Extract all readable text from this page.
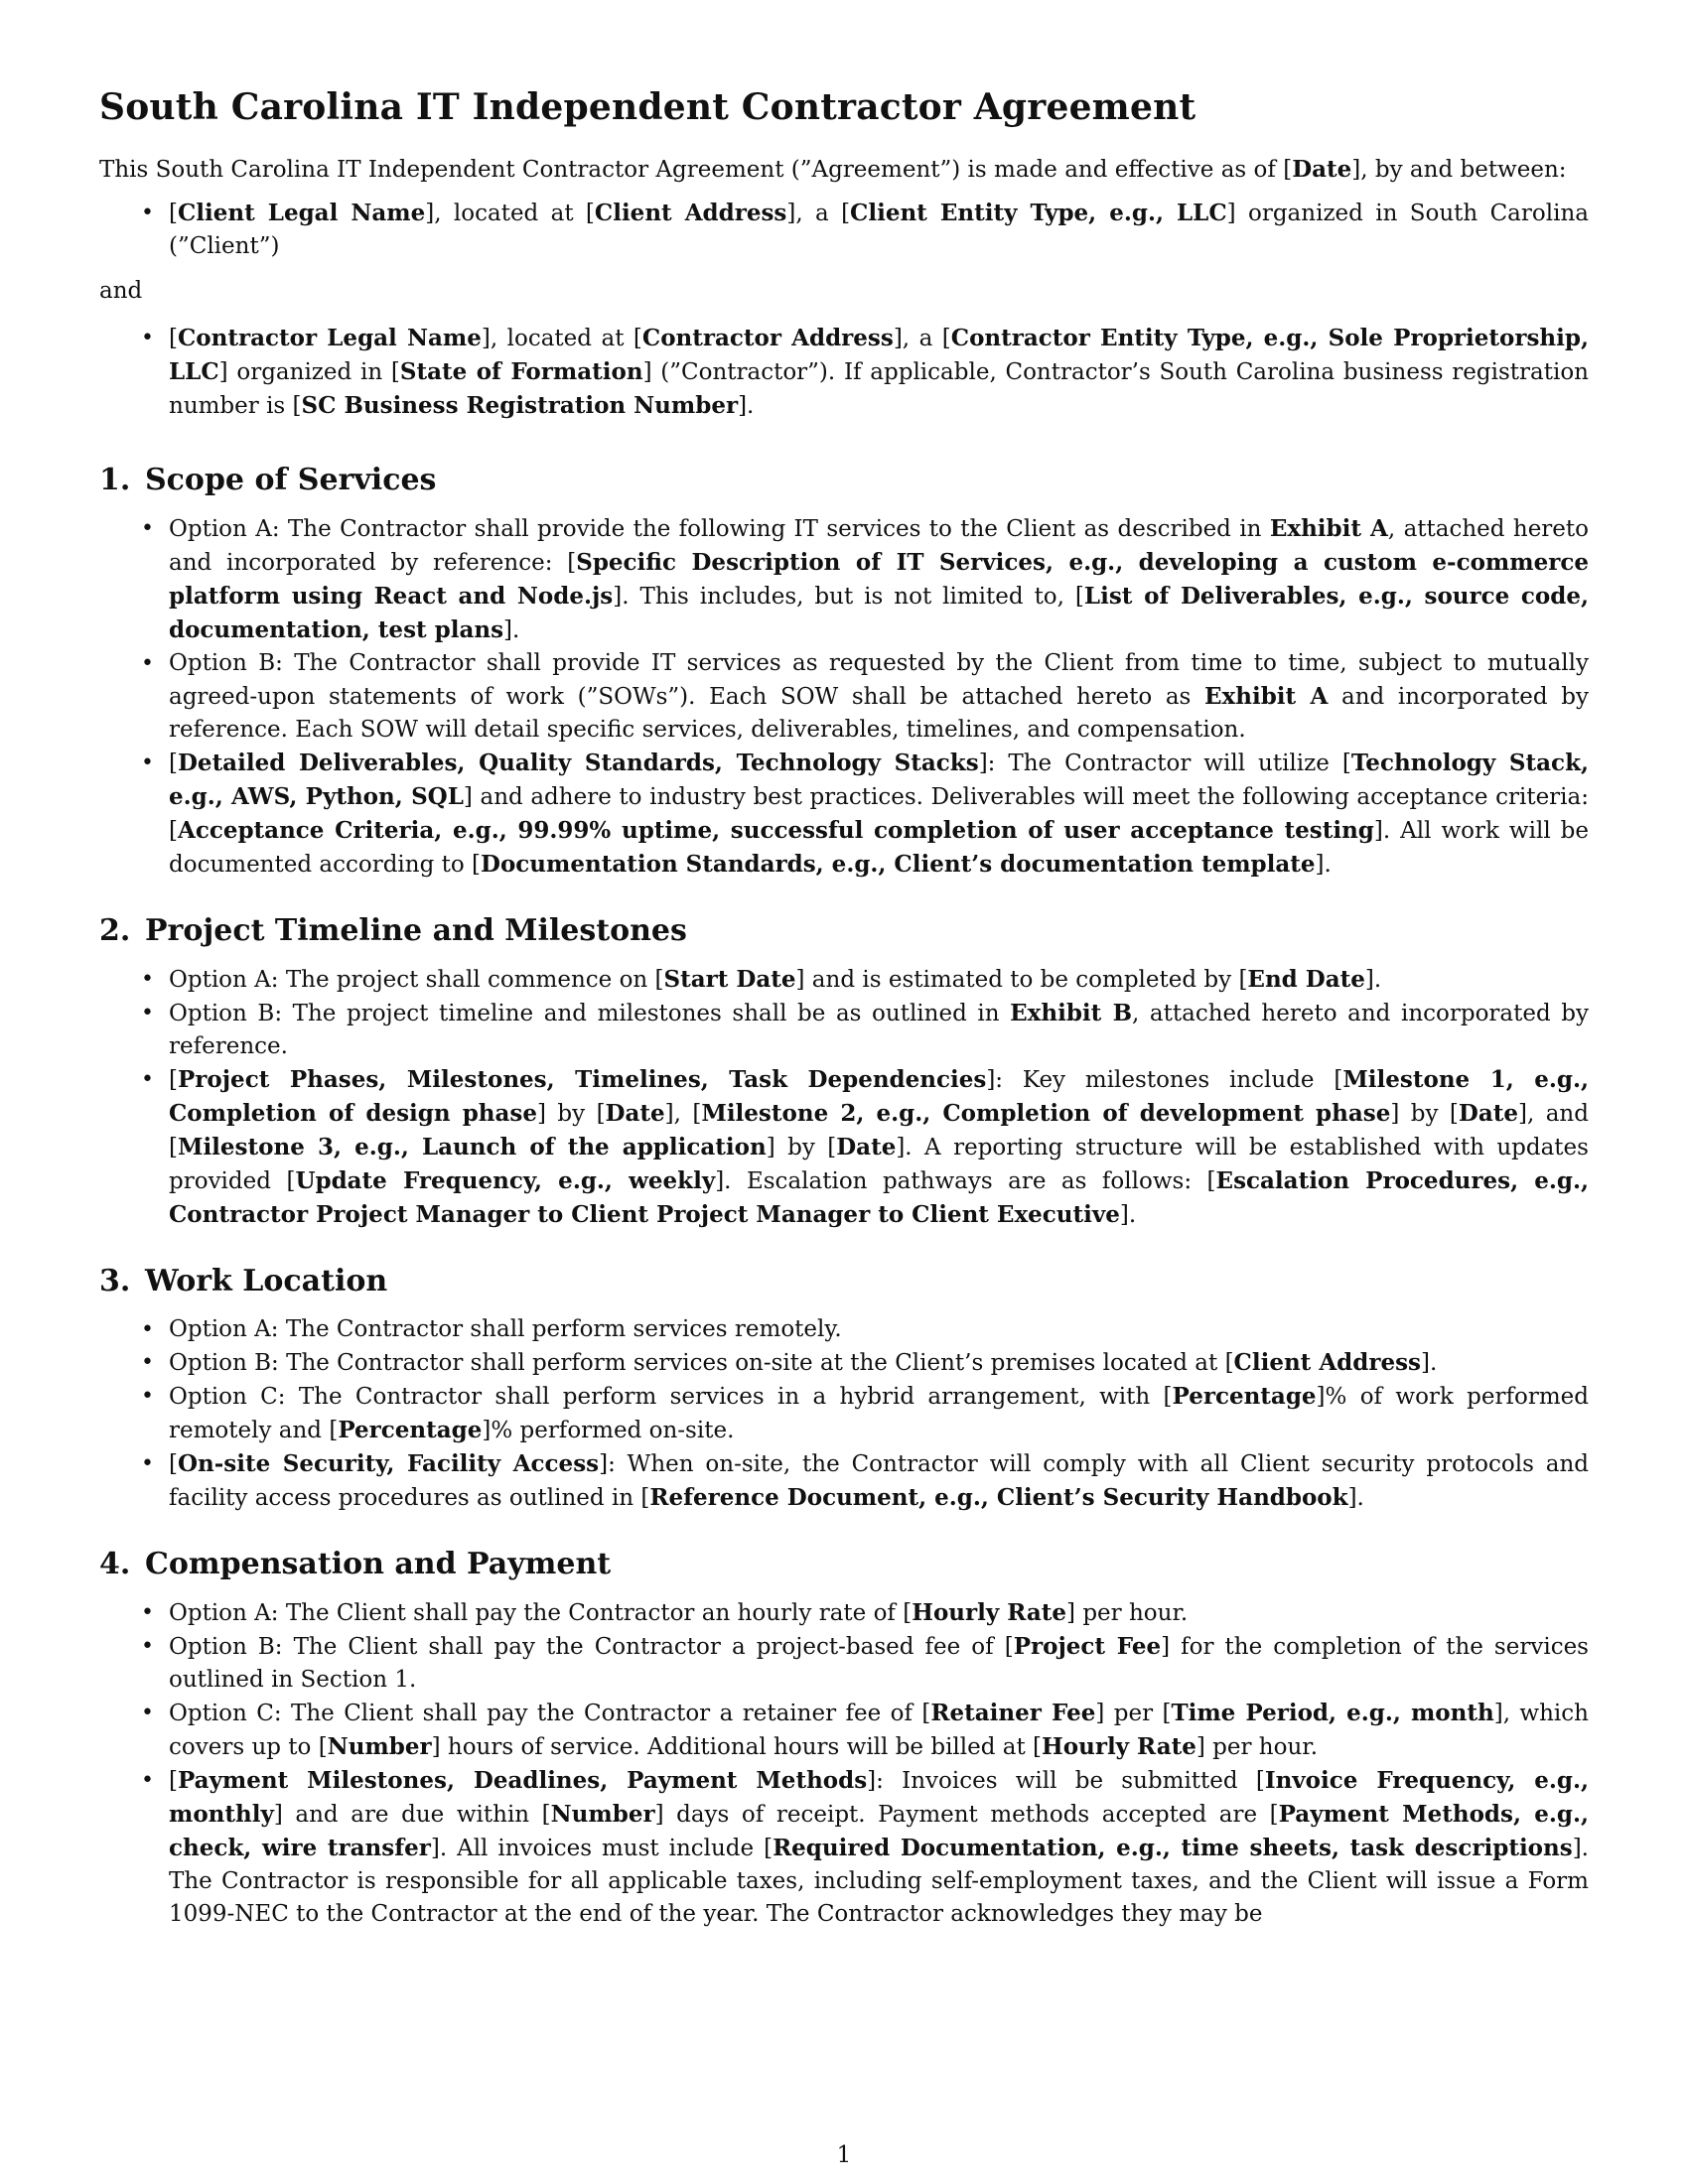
South Carolina IT Independent Contractor Agreement

This South Carolina IT Independent Contractor Agreement (”Agreement”) is made and effective as of [Date], by and between:

• [Client Legal Name], located at [Client Address], a [Client Entity Type, e.g., LLC] organized in South Carolina (”Client”)

and

• [Contractor Legal Name], located at [Contractor Address], a [Contractor Entity Type, e.g., Sole Proprietorship, LLC] organized in [State of Formation] (”Contractor”). If applicable, Contractor’s South Carolina business registration number is [SC Business Registration Number].
1. Scope of Services
• Option A: The Contractor shall provide the following IT services to the Client as described in Exhibit A, attached hereto and incorporated by reference: [Specific Description of IT Services, e.g., developing a custom e-commerce platform using React and Node.js]. This includes, but is not limited to, [List of Deliverables, e.g., source code, documentation, test plans].
• Option B: The Contractor shall provide IT services as requested by the Client from time to time, subject to mutually agreed-upon statements of work (”SOWs”). Each SOW shall be attached hereto as Exhibit A and incorporated by reference. Each SOW will detail specific services, deliverables, timelines, and compensation.
• [Detailed Deliverables, Quality Standards, Technology Stacks]: The Contractor will utilize [Technology Stack, e.g., AWS, Python, SQL] and adhere to industry best practices. Deliverables will meet the following acceptance criteria: [Acceptance Criteria, e.g., 99.99% uptime, successful completion of user acceptance testing]. All work will be documented according to [Documentation Standards, e.g., Client’s documentation template].
2. Project Timeline and Milestones
• Option A: The project shall commence on [Start Date] and is estimated to be completed by [End Date].
• Option B: The project timeline and milestones shall be as outlined in Exhibit B, attached hereto and incorporated by reference.
• [Project Phases, Milestones, Timelines, Task Dependencies]: Key milestones include [Milestone 1, e.g., Completion of design phase] by [Date], [Milestone 2, e.g., Completion of development phase] by [Date], and [Milestone 3, e.g., Launch of the application] by [Date]. A reporting structure will be established with updates provided [Update Frequency, e.g., weekly]. Escalation pathways are as follows: [Escalation Procedures, e.g., Contractor Project Manager to Client Project Manager to Client Executive].
3. Work Location
• Option A: The Contractor shall perform services remotely.
• Option B: The Contractor shall perform services on-site at the Client’s premises located at [Client Address].
• Option C: The Contractor shall perform services in a hybrid arrangement, with [Percentage]% of work performed remotely and [Percentage]% performed on-site.
• [On-site Security, Facility Access]: When on-site, the Contractor will comply with all Client security protocols and facility access procedures as outlined in [Reference Document, e.g., Client’s Security Handbook].
4. Compensation and Payment
• Option A: The Client shall pay the Contractor an hourly rate of [Hourly Rate] per hour.
• Option B: The Client shall pay the Contractor a project-based fee of [Project Fee] for the completion of the services outlined in Section 1.
• Option C: The Client shall pay the Contractor a retainer fee of [Retainer Fee] per [Time Period, e.g., month], which covers up to [Number] hours of service. Additional hours will be billed at [Hourly Rate] per hour.
• [Payment Milestones, Deadlines, Payment Methods]: Invoices will be submitted [Invoice Frequency, e.g., monthly] and are due within [Number] days of receipt. Payment methods accepted are [Payment Methods, e.g., check, wire transfer]. All invoices must include [Required Documentation, e.g., time sheets, task descriptions]. The Contractor is responsible for all applicable taxes, including self-employment taxes, and the Client will issue a Form 1099-NEC to the Contractor at the end of the year. The Contractor acknowledges they may be
1
